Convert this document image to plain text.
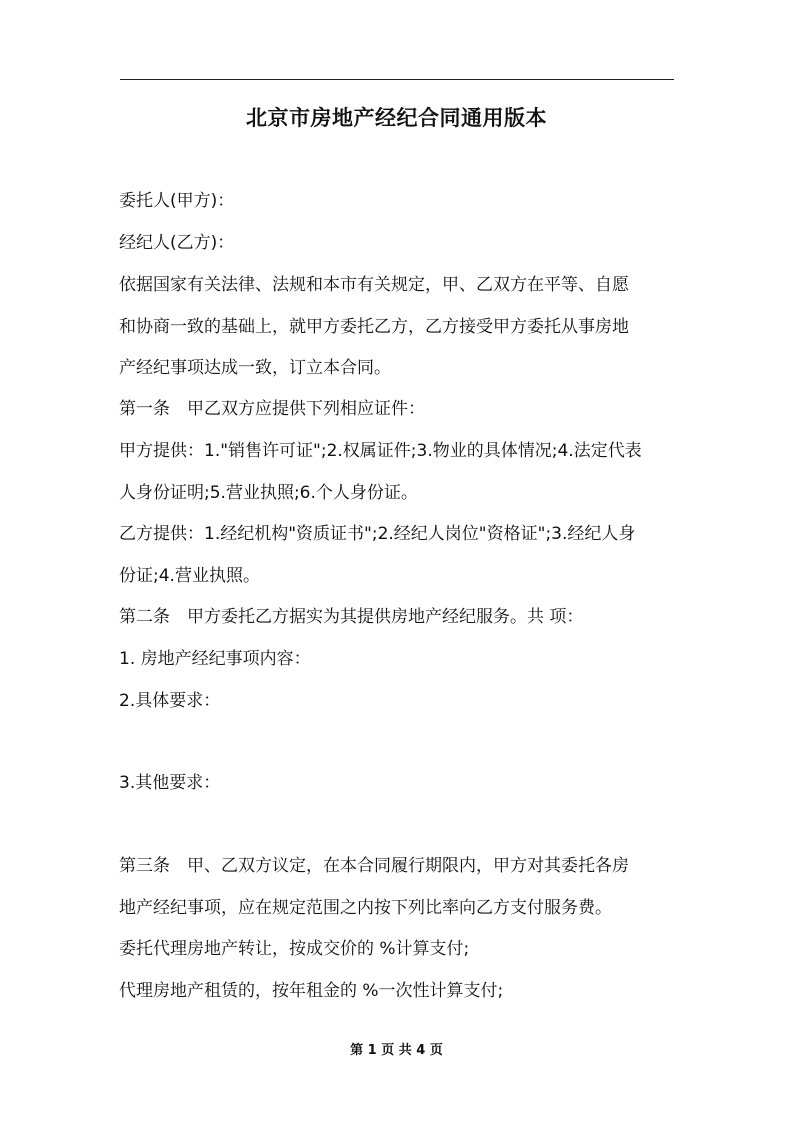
北京市房地产经纪合同通用版本
委托人(甲方)：
经纪人(乙方)：
依据国家有关法律、法规和本市有关规定，甲、乙双方在平等、自愿
和协商一致的基础上，就甲方委托乙方，乙方接受甲方委托从事房地
产经纪事项达成一致，订立本合同。
第一条　甲乙双方应提供下列相应证件：
甲方提供：1."销售许可证";2.权属证件;3.物业的具体情况;4.法定代表
人身份证明;5.营业执照;6.个人身份证。
乙方提供：1.经纪机构"资质证书";2.经纪人岗位"资格证";3.经纪人身
份证;4.营业执照。
第二条　甲方委托乙方据实为其提供房地产经纪服务。共 项：
1. 房地产经纪事项内容：
2.具体要求：
3.其他要求：
第三条　甲、乙双方议定，在本合同履行期限内，甲方对其委托各房
地产经纪事项，应在规定范围之内按下列比率向乙方支付服务费。
委托代理房地产转让，按成交价的 %计算支付;
代理房地产租赁的，按年租金的 %一次性计算支付;
第 1 页 共 4 页
